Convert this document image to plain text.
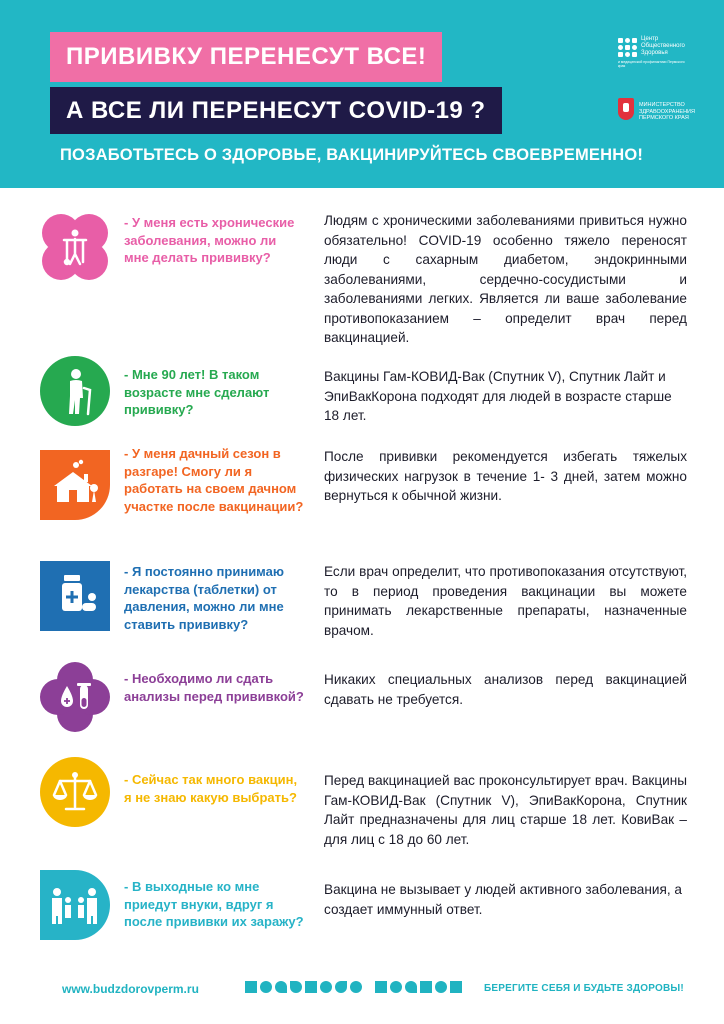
ПРИВИВКУ ПЕРЕНЕСУТ ВСЕ!
А ВСЕ ЛИ ПЕРЕНЕСУТ COVID-19 ?
ПОЗАБОТЬТЕСЬ О ЗДОРОВЬЕ, ВАКЦИНИРУЙТЕСЬ СВОЕВРЕМЕННО!
Центр Общественного Здоровья
и медицинской профилактики Пермского края
МИНИСТЕРСТВО ЗДРАВООХРАНЕНИЯ ПЕРМСКОГО КРАЯ

- У меня есть хронические заболевания, можно ли мне делать прививку?

Людям с хроническими заболеваниями привиться нужно обязательно! COVID-19 особенно тяжело переносят люди с сахарным диабетом, эндокринными заболеваниями, сердечно-сосудистыми и заболеваниями легких. Является ли ваше заболевание противопоказанием – определит врач перед вакцинацией.

- Мне 90 лет! В таком возрасте мне сделают прививку?

Вакцины Гам-КОВИД-Вак (Спутник V), Спутник Лайт и ЭпиВакКорона подходят для людей в возрасте старше 18 лет.

- У меня дачный сезон в разгаре! Смогу ли я работать на своем дачном участке после вакцинации?

После прививки рекомендуется избегать тяжелых физических нагрузок в течение 1- 3 дней, затем можно вернуться к обычной жизни.

- Я постоянно принимаю лекарства (таблетки) от давления, можно ли мне ставить прививку?

Если врач определит, что противопоказания отсутствуют, то в период проведения вакцинации вы можете принимать лекарственные препараты, назначенные врачом.

- Необходимо ли сдать анализы перед прививкой?

Никаких специальных анализов перед вакцинацией сдавать не требуется.

- Сейчас так много вакцин, я не знаю какую выбрать?

Перед вакцинацией вас проконсультирует врач. Вакцины Гам-КОВИД-Вак (Спутник V), ЭпиВакКорона, Спутник Лайт предназначены для лиц старше 18 лет. КовиВак – для лиц с 18 до 60 лет.

- В выходные ко мне приедут внуки, вдруг я после прививки их заражу?

Вакцина не вызывает у людей активного заболевания, а создает иммунный ответ.

www.budzdorovperm.ru	БЕРЕГИТЕ СЕБЯ И БУДЬТЕ ЗДОРОВЫ!
